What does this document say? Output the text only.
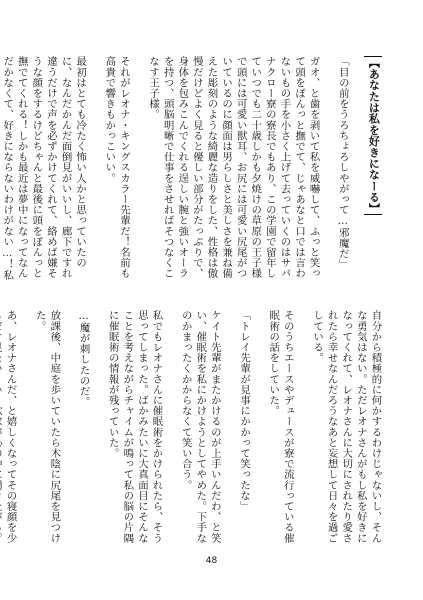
【あなたは私を好きになーる】
「目の前をうろちょろしやがって…邪魔だ」

ガオ、と歯を剥いて私を威嚇して、ふっと笑って頭をぽんっと撫でて、じゃあなと口では言わないもの手を小さく上げて去っていくのはサバナクロー寮の寮長でもあり、この学園で留年していつでも二十歳しかも夕焼けの草原の王子様で頭には可愛い獣耳、お尻には可愛い尻尾がついているのに顔面は男らしさと美しさを兼ね備えた彫刻のような綺麗な造りをした、性格は傲慢だけどよく見ると優しい部分がたっぷりで、身体を包みこんでくれる逞しい腕と強いオーラを持つ、頭脳明晰で仕事をさせればそつなくこなす王子様。

それがレオナ・キングスカラー先輩だ！名前も高貴で響きもかっこいい。

最初はとても冷たく怖い人かと思っていたのに、なんだかんだ面倒見がいいし、廊下ですれ違うだけで声を必ずかけてくれて、絡めば嫌そうな顔をするけどちゃんと最後に頭をぽんっと撫でてくれる！しかも最近は夢中になってなんだかなくて、好きにならないわけがない…！私

自分から積極的に何かするわけじゃないし、そんな勇気はない。ただレオナさんがもし私を好きになってくれて、レオナさんに大切にされたり愛されたら幸せなんだろうなあと妄想して日々を過ごしている。

そのうちエースやデュースが寮で流行っている催眠術の話をしていた。

「トレイ先輩が見事にかかって笑ったな」

ケイト先輩がまたかけるのが上手いんだわ、と笑い、催眠術を私にかけようとしてやめた。下手なのかまったくかからなくて笑い合う。

私でもレオナさんに催眠術をかけられたら、そう思ってしまった。ばかみたいに大真面目にそんなことを考えながらチャイムが鳴って私の脳の片隅に催眠術の情報が残っていた。

…魔が刺したのだ。

放課後、中庭を歩いていたら木陰に尻尾を見つけた。

あ、レオナさんだ、と嬉しくなってその寝顔を少

48
